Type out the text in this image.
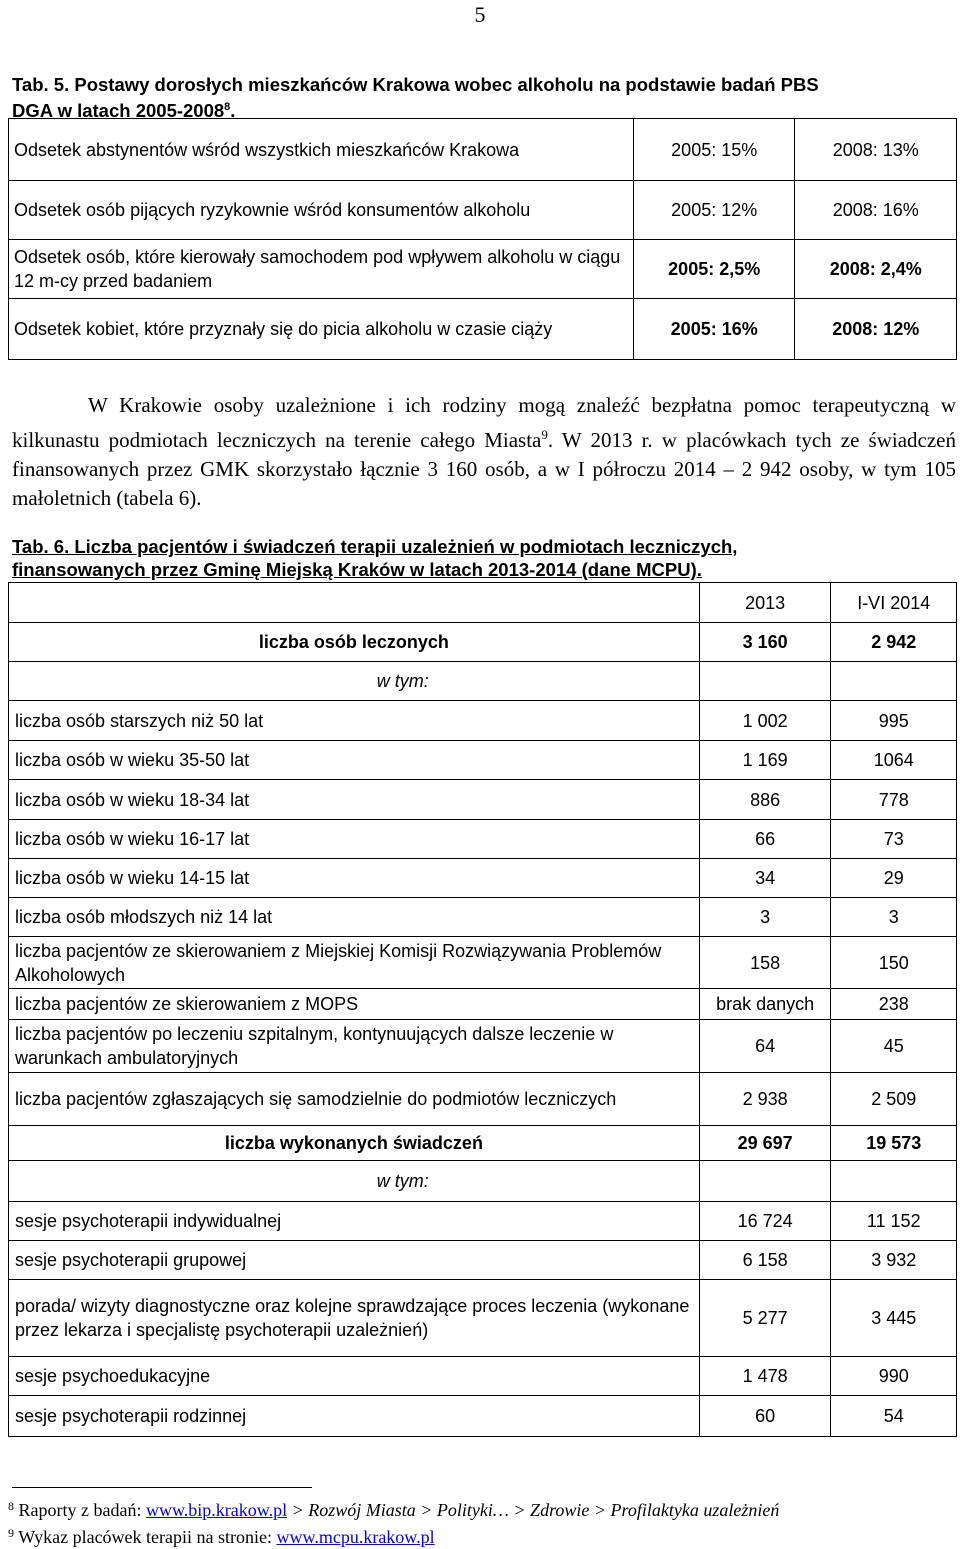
5
Tab. 5. Postawy dorosłych mieszkańców Krakowa wobec alkoholu na podstawie badań PBS
DGA w latach 2005-2008$^8$.
Odsetek abstynentów wśród wszystkich mieszkańców Krakowa	2005: 15%	2008: 13%
Odsetek osób pijących ryzykownie wśród konsumentów alkoholu	2005: 12%	2008: 16%
Odsetek osób, które kierowały samochodem pod wpływem alkoholu w ciągu 12 m-cy przed badaniem	2005: 2,5%	2008: 2,4%
Odsetek kobiet, które przyznały się do picia alkoholu w czasie ciąży	2005: 16%	2008: 12%

W Krakowie osoby uzależnione i ich rodziny mogą znaleźć bezpłatna pomoc terapeutyczną w kilkunastu podmiotach leczniczych na terenie całego Miasta$^9$. W 2013 r. w placówkach tych ze świadczeń finansowanych przez GMK skorzystało łącznie 3 160 osób, a w I półroczu 2014 – 2 942 osoby, w tym 105 małoletnich (tabela 6).

Tab. 6. Liczba pacjentów i świadczeń terapii uzależnień w podmiotach leczniczych,
finansowanych przez Gminę Miejską Kraków w latach 2013-2014 (dane MCPU).
	2013	I-VI 2014
liczba osób leczonych	3 160	2 942
w tym:		
liczba osób starszych niż 50 lat	1 002	995
liczba osób w wieku 35-50 lat	1 169	1064
liczba osób w wieku 18-34 lat	886	778
liczba osób w wieku 16-17 lat	66	73
liczba osób w wieku 14-15 lat	34	29
liczba osób młodszych niż 14 lat	3	3
liczba pacjentów ze skierowaniem z Miejskiej Komisji Rozwiązywania Problemów Alkoholowych	158	150
liczba pacjentów ze skierowaniem z MOPS	brak danych	238
liczba pacjentów po leczeniu szpitalnym, kontynuujących dalsze leczenie w warunkach ambulatoryjnych	64	45
liczba pacjentów zgłaszających się samodzielnie do podmiotów leczniczych	2 938	2 509
liczba wykonanych świadczeń	29 697	19 573
w tym:		
sesje psychoterapii indywidualnej	16 724	11 152
sesje psychoterapii grupowej	6 158	3 932
porada/ wizyty diagnostyczne oraz kolejne sprawdzające proces leczenia (wykonane przez lekarza i specjalistę psychoterapii uzależnień)	5 277	3 445
sesje psychoedukacyjne	1 478	990
sesje psychoterapii rodzinnej	60	54
$^8$ Raporty z badań: www.bip.krakow.pl > Rozwój Miasta > Polityki… > Zdrowie > Profilaktyka uzależnień
$^9$ Wykaz placówek terapii na stronie: www.mcpu.krakow.pl
